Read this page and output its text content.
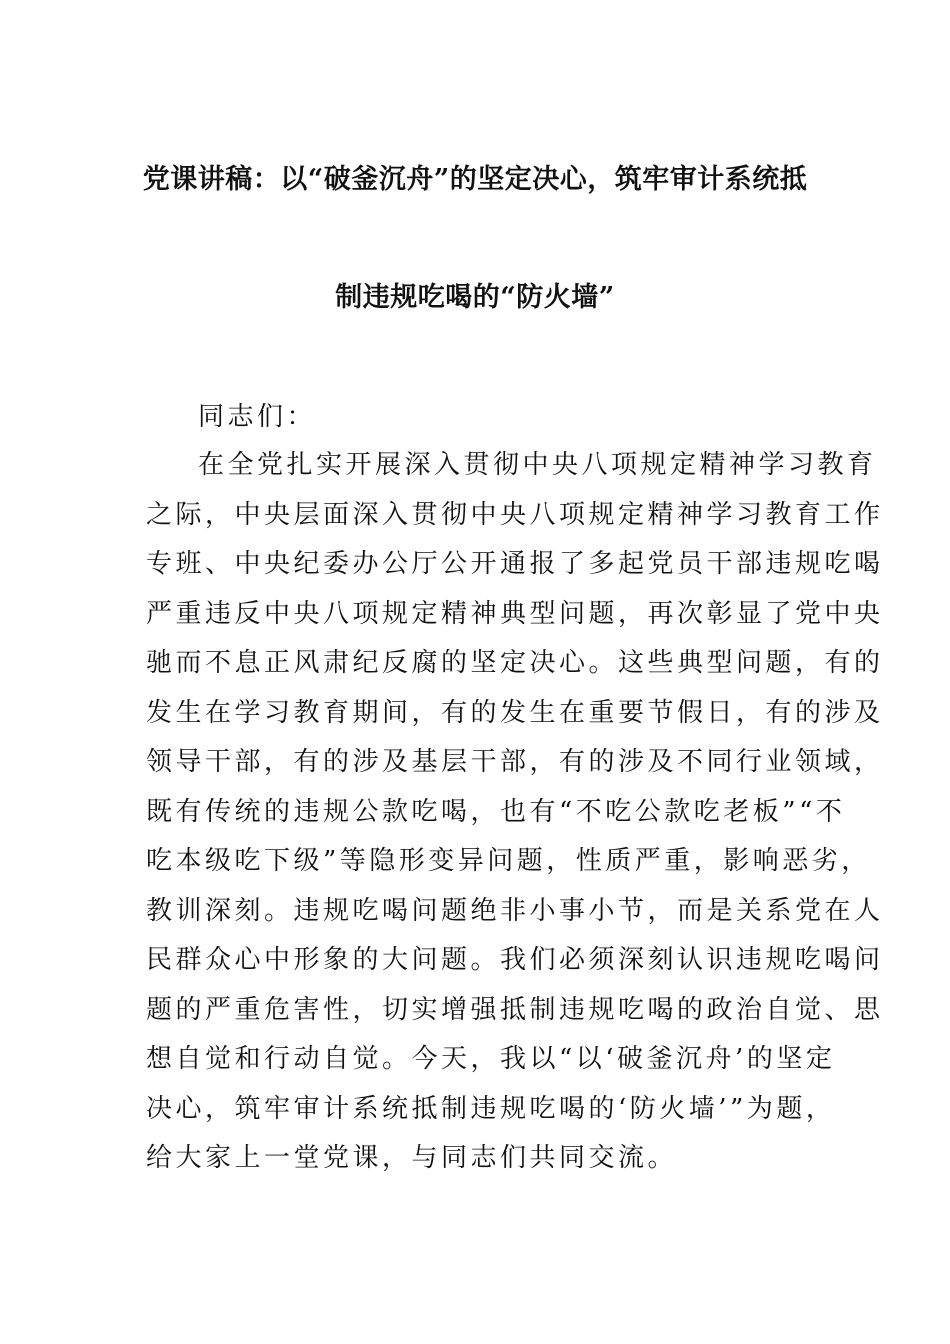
党课讲稿：以“破釜沉舟”的坚定决心，筑牢审计系统抵
制违规吃喝的“防火墙”
同志们：
在全党扎实开展深入贯彻中央八项规定精神学习教育
之际，中央层面深入贯彻中央八项规定精神学习教育工作
专班、中央纪委办公厅公开通报了多起党员干部违规吃喝
严重违反中央八项规定精神典型问题，再次彰显了党中央
驰而不息正风肃纪反腐的坚定决心。这些典型问题，有的
发生在学习教育期间，有的发生在重要节假日，有的涉及
领导干部，有的涉及基层干部，有的涉及不同行业领域，
既有传统的违规公款吃喝，也有“不吃公款吃老板”“不
吃本级吃下级”等隐形变异问题，性质严重，影响恶劣，
教训深刻。违规吃喝问题绝非小事小节，而是关系党在人
民群众心中形象的大问题。我们必须深刻认识违规吃喝问
题的严重危害性，切实增强抵制违规吃喝的政治自觉、思
想自觉和行动自觉。今天，我以“以‘破釜沉舟’的坚定
决心，筑牢审计系统抵制违规吃喝的‘防火墙’”为题，
给大家上一堂党课，与同志们共同交流。
